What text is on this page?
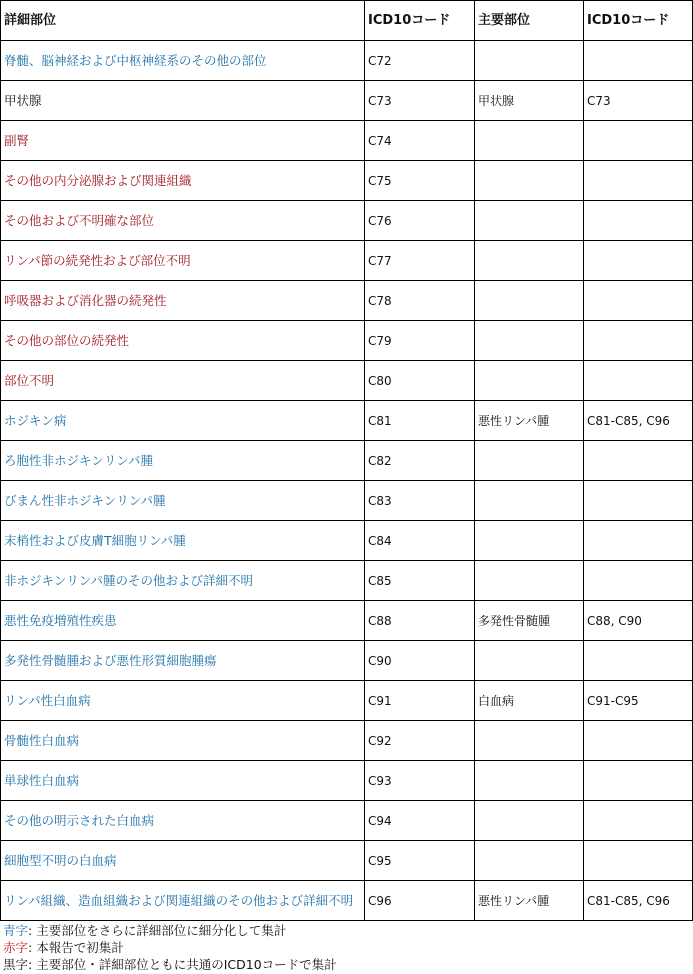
詳細部位	ICD10コード	主要部位	ICD10コード
脊髄、脳神経および中枢神経系のその他の部位	C72		
甲状腺	C73	甲状腺	C73
副腎	C74		
その他の内分泌腺および関連組織	C75		
その他および不明確な部位	C76		
リンパ節の続発性および部位不明	C77		
呼吸器および消化器の続発性	C78		
その他の部位の続発性	C79		
部位不明	C80		
ホジキン病	C81	悪性リンパ腫	C81-C85, C96
ろ胞性非ホジキンリンパ腫	C82		
びまん性非ホジキンリンパ腫	C83		
末梢性および皮膚T細胞リンパ腫	C84		
非ホジキンリンパ腫のその他および詳細不明	C85		
悪性免疫増殖性疾患	C88	多発性骨髄腫	C88, C90
多発性骨髄腫および悪性形質細胞腫瘍	C90		
リンパ性白血病	C91	白血病	C91-C95
骨髄性白血病	C92		
単球性白血病	C93		
その他の明示された白血病	C94		
細胞型不明の白血病	C95		
リンパ組織、造血組織および関連組織のその他および詳細不明	C96	悪性リンパ腫	C81-C85, C96
青字: 主要部位をさらに詳細部位に細分化して集計
赤字: 本報告で初集計
黒字: 主要部位・詳細部位ともに共通のICD10コードで集計
